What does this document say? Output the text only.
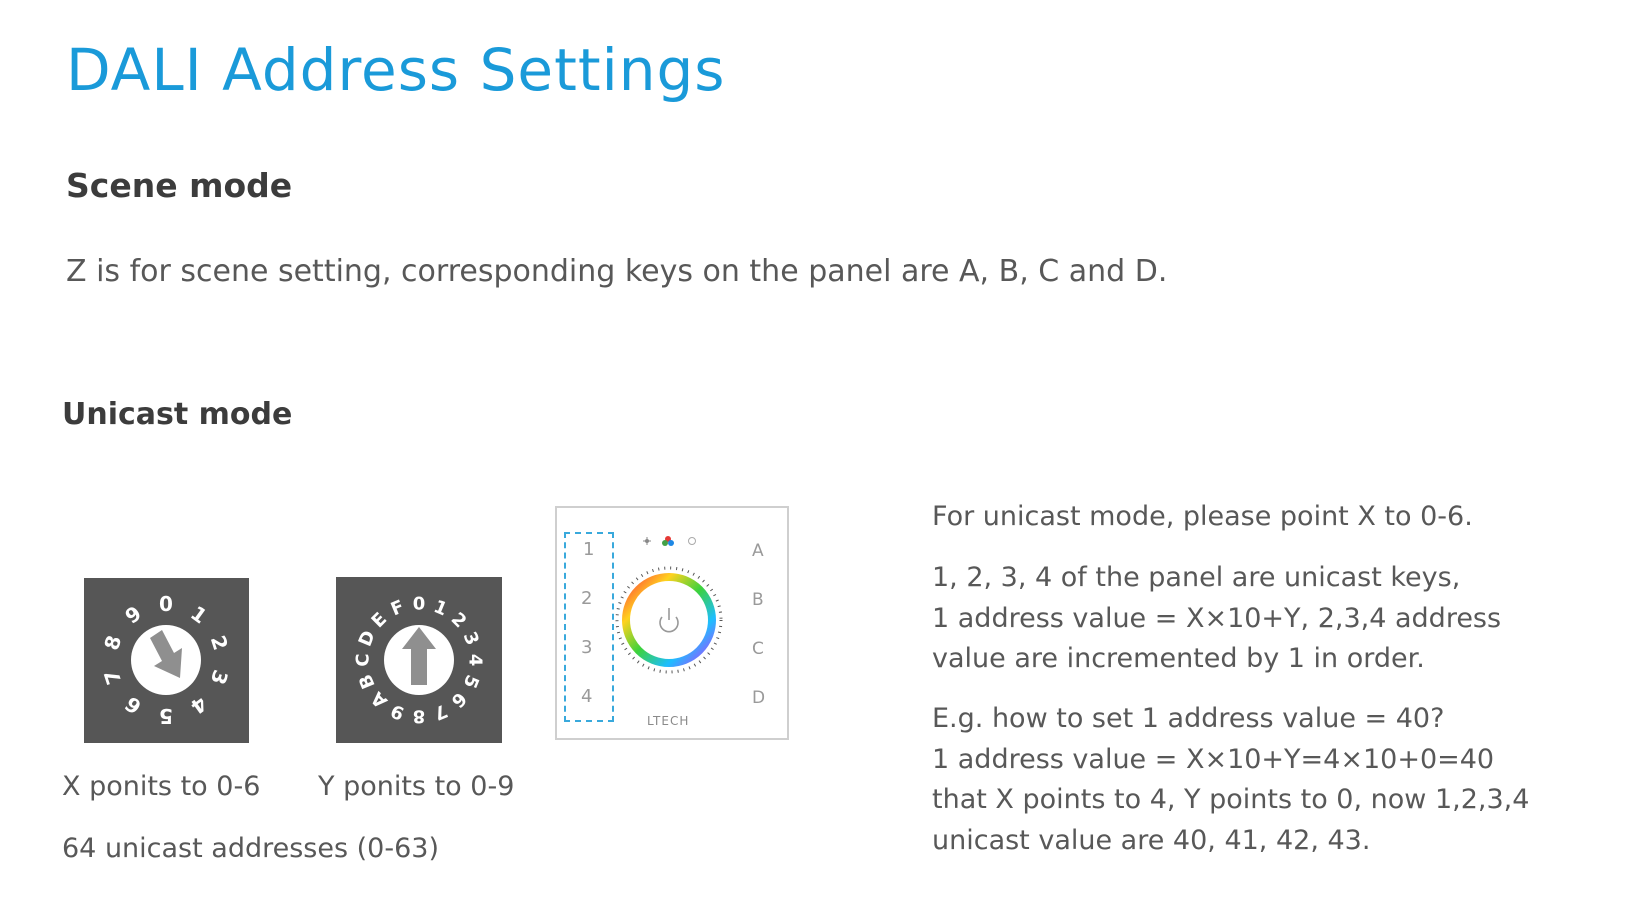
DALI Address Settings
Scene mode
Z is for scene setting, corresponding keys on the panel are A, B, C and D.
Unicast mode
0 1
2
3
4
5
6
7
8
9
X ponits to 0-6
0 1
2
3
4
5
6
7
8
9
A
B
C
D
E
F
Y ponits to 0-9
64 unicast addresses (0-63)
1
2
3
4
A
B
C
D
LTECH

For unicast mode, please point X to 0-6.

1, 2, 3, 4 of the panel are unicast keys,

1 address value = X×10+Y, 2,3,4 address

value are incremented by 1 in order.

E.g. how to set 1 address value = 40?

1 address value = X×10+Y=4×10+0=40

that X points to 4, Y points to 0, now 1,2,3,4

unicast value are 40, 41, 42, 43.
